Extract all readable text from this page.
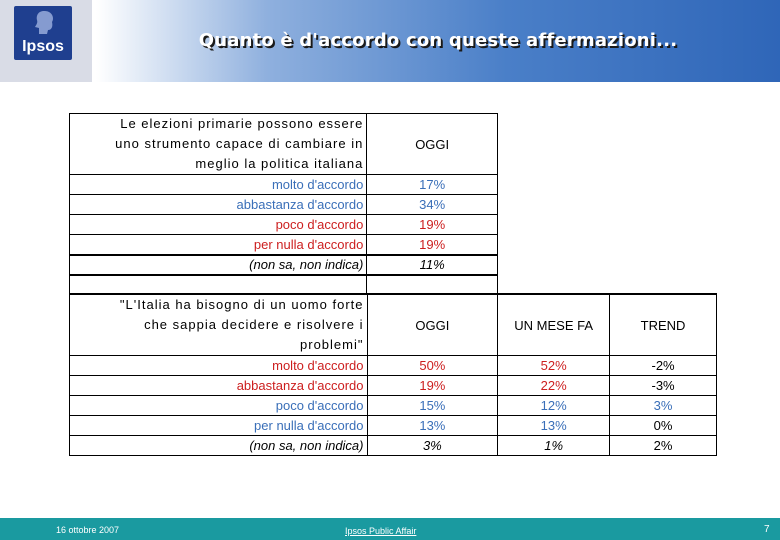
Ipsos	Quanto è d'accordo con queste affermazioni...
Le elezioni primarie possono essere
uno strumento capace di cambiare in
meglio la politica italiana	OGGI
molto d'accordo	17%
abbastanza d'accordo	34%
poco d'accordo	19%
per nulla d'accordo	19%
(non sa, non indica)	11%

"L'Italia ha bisogno di un uomo forte
che sappia decidere e risolvere i
problemi"	OGGI	UN MESE FA	TREND
molto d'accordo	50%	52%	-2%
abbastanza d'accordo	19%	22%	-3%
poco d'accordo	15%	12%	3%
per nulla d'accordo	13%	13%	0%
(non sa, non indica)	3%	1%	2%
16 ottobre 2007	Ipsos Public Affair	7
